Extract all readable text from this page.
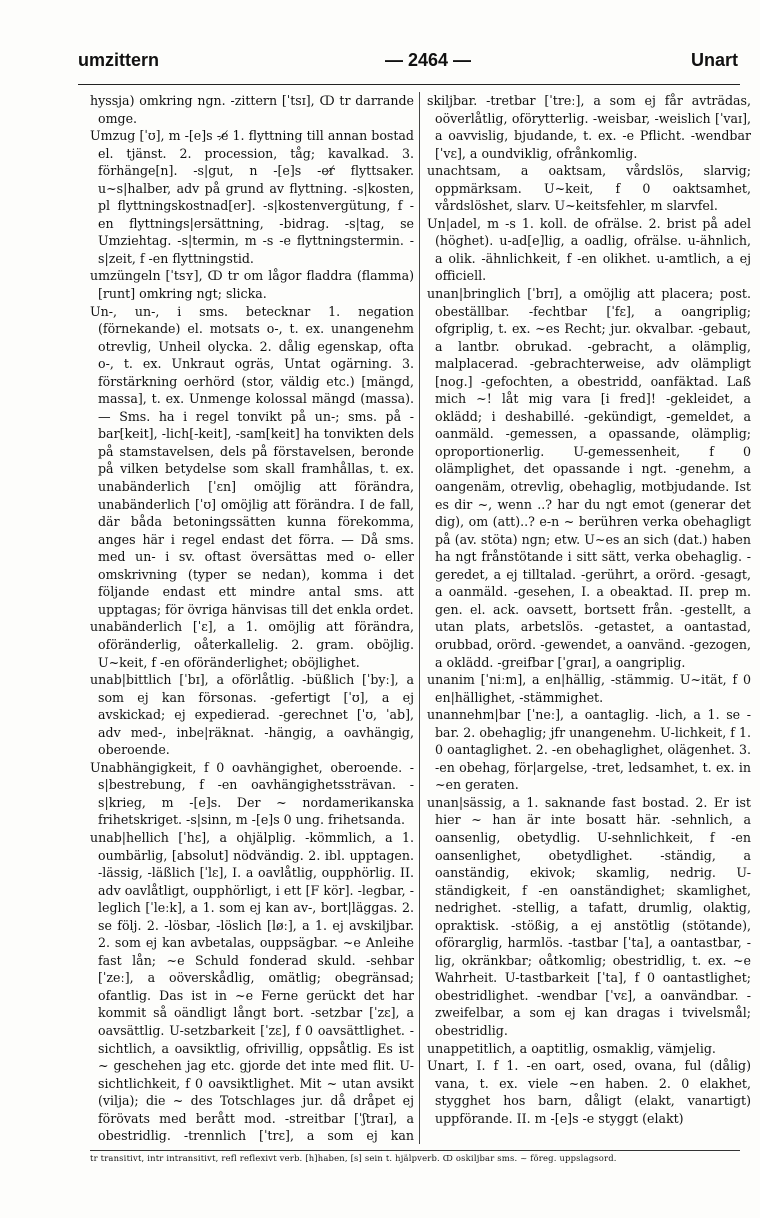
umzittern	— 2464 —	Unart

hyssja) omkring ngn. -zittern [ˈtsɪ], ↀ tr darrande omge.

Umzug [ˈʊ], m -[e]s -e̸ 1. flyttning till annan bostad el. tjänst. 2. procession, tåg; kavalkad. 3. förhänge[n]. -s|gut, n -[e]s -er̸ flyttsaker. u~s|halber, adv på grund av flyttning. -s|kosten, pl flyttningskostnad[er]. -s|kostenvergütung, f -en flyttnings|ersättning, -bidrag. -s|tag, se Umziehtag. -s|termin, m -s -e flyttningstermin. -s|zeit, f -en flyttningstid.

umzüngeln [ˈtsʏ], ↀ tr om lågor fladdra (flamma) [runt] omkring ngt; slicka.

Un-, un-, i sms. betecknar 1. negation (förnekande) el. motsats o-, t. ex. unangenehm otrevlig, Unheil olycka. 2. dålig egenskap, ofta o-, t. ex. Unkraut ogräs, Untat ogärning. 3. förstärkning oerhörd (stor, väldig etc.) [mängd, massa], t. ex. Unmenge kolossal mängd (massa). — Sms. ha i regel tonvikt på un-; sms. på -bar[keit], -lich[-keit], -sam[keit] ha tonvikten dels på stamstavelsen, dels på förstavelsen, beronde på vilken betydelse som skall framhållas, t. ex. unabänderlich [ˈɛn] omöjlig att förändra, unabänderlich [ˈʊ] omöjlig att förändra. I de fall, där båda betoningssätten kunna förekomma, anges här i regel endast det förra. — Då sms. med un- i sv. oftast översättas med o- eller omskrivning (typer se nedan), komma i det följande endast ett mindre antal sms. att upptagas; för övriga hänvisas till det enkla ordet.

unabänderlich [ˈɛ], a 1. omöjlig att förändra, oföränderlig, oåterkallelig. 2. gram. oböjlig. U~keit, f -en oföränderlighet; oböjlighet.

unab|bittlich [ˈbɪ], a oförlåtlig. -büßlich [ˈbyː], a som ej kan försonas. -gefertigt [ˈʊ], a ej avskickad; ej expedierad. -gerechnet [ˈʊ, ˈab], adv med-, inbe|räknat. -hängig, a oavhängig, oberoende.

Unabhängigkeit, f 0 oavhängighet, oberoende. -s|bestrebung, f -en oavhängighetssträvan. -s|krieg, m -[e]s. Der ~ nordamerikanska frihetskriget. -s|sinn, m -[e]s 0 ung. frihetsanda.

unab|hellich [ˈhɛ], a ohjälplig. -kömmlich, a 1. oumbärlig, [absolut] nödvändig. 2. ibl. upptagen. -lässig, -läßlich [ˈlɛ], I. a oavlåtlig, oupphörlig. II. adv oavlåtligt, oupphörligt, i ett [F kör]. -legbar, -leglich [ˈleːk], a 1. som ej kan av-, bort|läggas. 2. se följ. 2. -lösbar, -löslich [løː], a 1. ej avskiljbar. 2. som ej kan avbetalas, ouppsägbar. ~e Anleihe fast lån; ~e Schuld fonderad skuld. -sehbar [ˈzeː], a oöverskådlig, omätlig; obegränsad; ofantlig. Das ist in ~e Ferne gerückt det har kommit så oändligt långt bort. -setzbar [ˈzɛ], a oavsättlig. U-setzbarkeit [ˈzɛ], f 0 oavsättlighet. -sichtlich, a oavsiktlig, ofrivillig, oppsåtlig. Es ist ~ geschehen jag etc. gjorde det inte med flit. U-sichtlichkeit, f 0 oavsiktlighet. Mit ~ utan avsikt (vilja); die ~ des Totschlages jur. då dråpet ej förövats med berått mod. -streitbar [ˈʃtraɪ], a obestridlig. -trennlich [ˈtrɛ], a som ej kan

skiljbar. -tretbar [ˈtreː], a som ej får avträdas, oöverlåtlig, oförytterlig. -weisbar, -weislich [ˈvaɪ], a oavvislig, bjudande, t. ex. -e Pflicht. -wendbar [ˈvɛ], a oundviklig, ofrånkomlig.

unachtsam, a oaktsam, vårdslös, slarvig; oppmärksam. U~keit, f 0 oaktsamhet, vårdslöshet, slarv. U~keitsfehler, m slarvfel.

Un|adel, m -s 1. koll. de ofrälse. 2. brist på adel (höghet). u-ad[e]lig, a oadlig, ofrälse. u-ähnlich, a olik. -ähnlichkeit, f -en olikhet. u-amtlich, a ej officiell.

unan|bringlich [ˈbrɪ], a omöjlig att placera; post. obeställbar. -fechtbar [ˈfɛ], a oangriplig; ofgriplig, t. ex. ~es Recht; jur. okvalbar. -gebaut, a lantbr. obrukad. -gebracht, a olämplig, malplacerad. -gebrachterweise, adv olämpligt [nog.] -gefochten, a obestridd, oanfäktad. Laß mich ~! låt mig vara [i fred]! -gekleidet, a oklädd; i deshabillé. -gekündigt, -gemeldet, a oanmäld. -gemessen, a opassande, olämplig; oproportionerlig. U-gemessenheit, f 0 olämplighet, det opassande i ngt. -genehm, a oangenäm, otrevlig, obehaglig, motbjudande. Ist es dir ~, wenn ..? har du ngt emot (generar det dig), om (att)..? e-n ~ berühren verka obehagligt på (av. stöta) ngn; etw. U~es an sich (dat.) haben ha ngt frånstötande i sitt sätt, verka obehaglig. -geredet, a ej tilltalad. -gerührt, a orörd. -gesagt, a oanmäld. -gesehen, I. a obeaktad. II. prep m. gen. el. ack. oavsett, bortsett från. -gestellt, a utan plats, arbetslös. -getastet, a oantastad, orubbad, orörd. -gewendet, a oanvänd. -gezogen, a oklädd. -greifbar [ˈgraɪ], a oangriplig.

unanim [ˈniːm], a en|hällig, -stämmig. U~ität, f 0 en|hällighet, -stämmighet.

unannehm|bar [ˈneː], a oantaglig. -lich, a 1. se -bar. 2. obehaglig; jfr unangenehm. U-lichkeit, f 1. 0 oantaglighet. 2. -en obehaglighet, olägenhet. 3. -en obehag, för|argelse, -tret, ledsamhet, t. ex. in ~en geraten.

unan|sässig, a 1. saknande fast bostad. 2. Er ist hier ~ han är inte bosatt här. -sehnlich, a oansenlig, obetydlig. U-sehnlichkeit, f -en oansenlighet, obetydlighet. -ständig, a oanständig, ekivok; skamlig, nedrig. U-ständigkeit, f -en oanständighet; skamlighet, nedrighet. -stellig, a tafatt, drumlig, olaktig, opraktisk. -stößig, a ej anstötlig (stötande), oförarglig, harmlös. -tastbar [ˈta], a oantastbar, -lig, okränkbar; oåtkomlig; obestridlig, t. ex. ~e Wahrheit. U-tastbarkeit [ˈta], f 0 oantastlighet; obestridlighet. -wendbar [ˈvɛ], a oanvändbar. -zweifelbar, a som ej kan dragas i tvivelsmål; obestridlig.

unappetitlich, a oaptitlig, osmaklig, vämjelig.

Unart, I. f 1. -en oart, osed, ovana, ful (dålig) vana, t. ex. viele ~en haben. 2. 0 elakhet, stygghet hos barn, dåligt (elakt, vanartigt) uppförande. II. m -[e]s -e styggt (elakt)

tr transitivt, intr intransitivt, refl reflexivt verb. [h]haben, [s] sein t. hjälpverb. ↀ oskiljbar sms. ~ föreg. uppslagsord.
